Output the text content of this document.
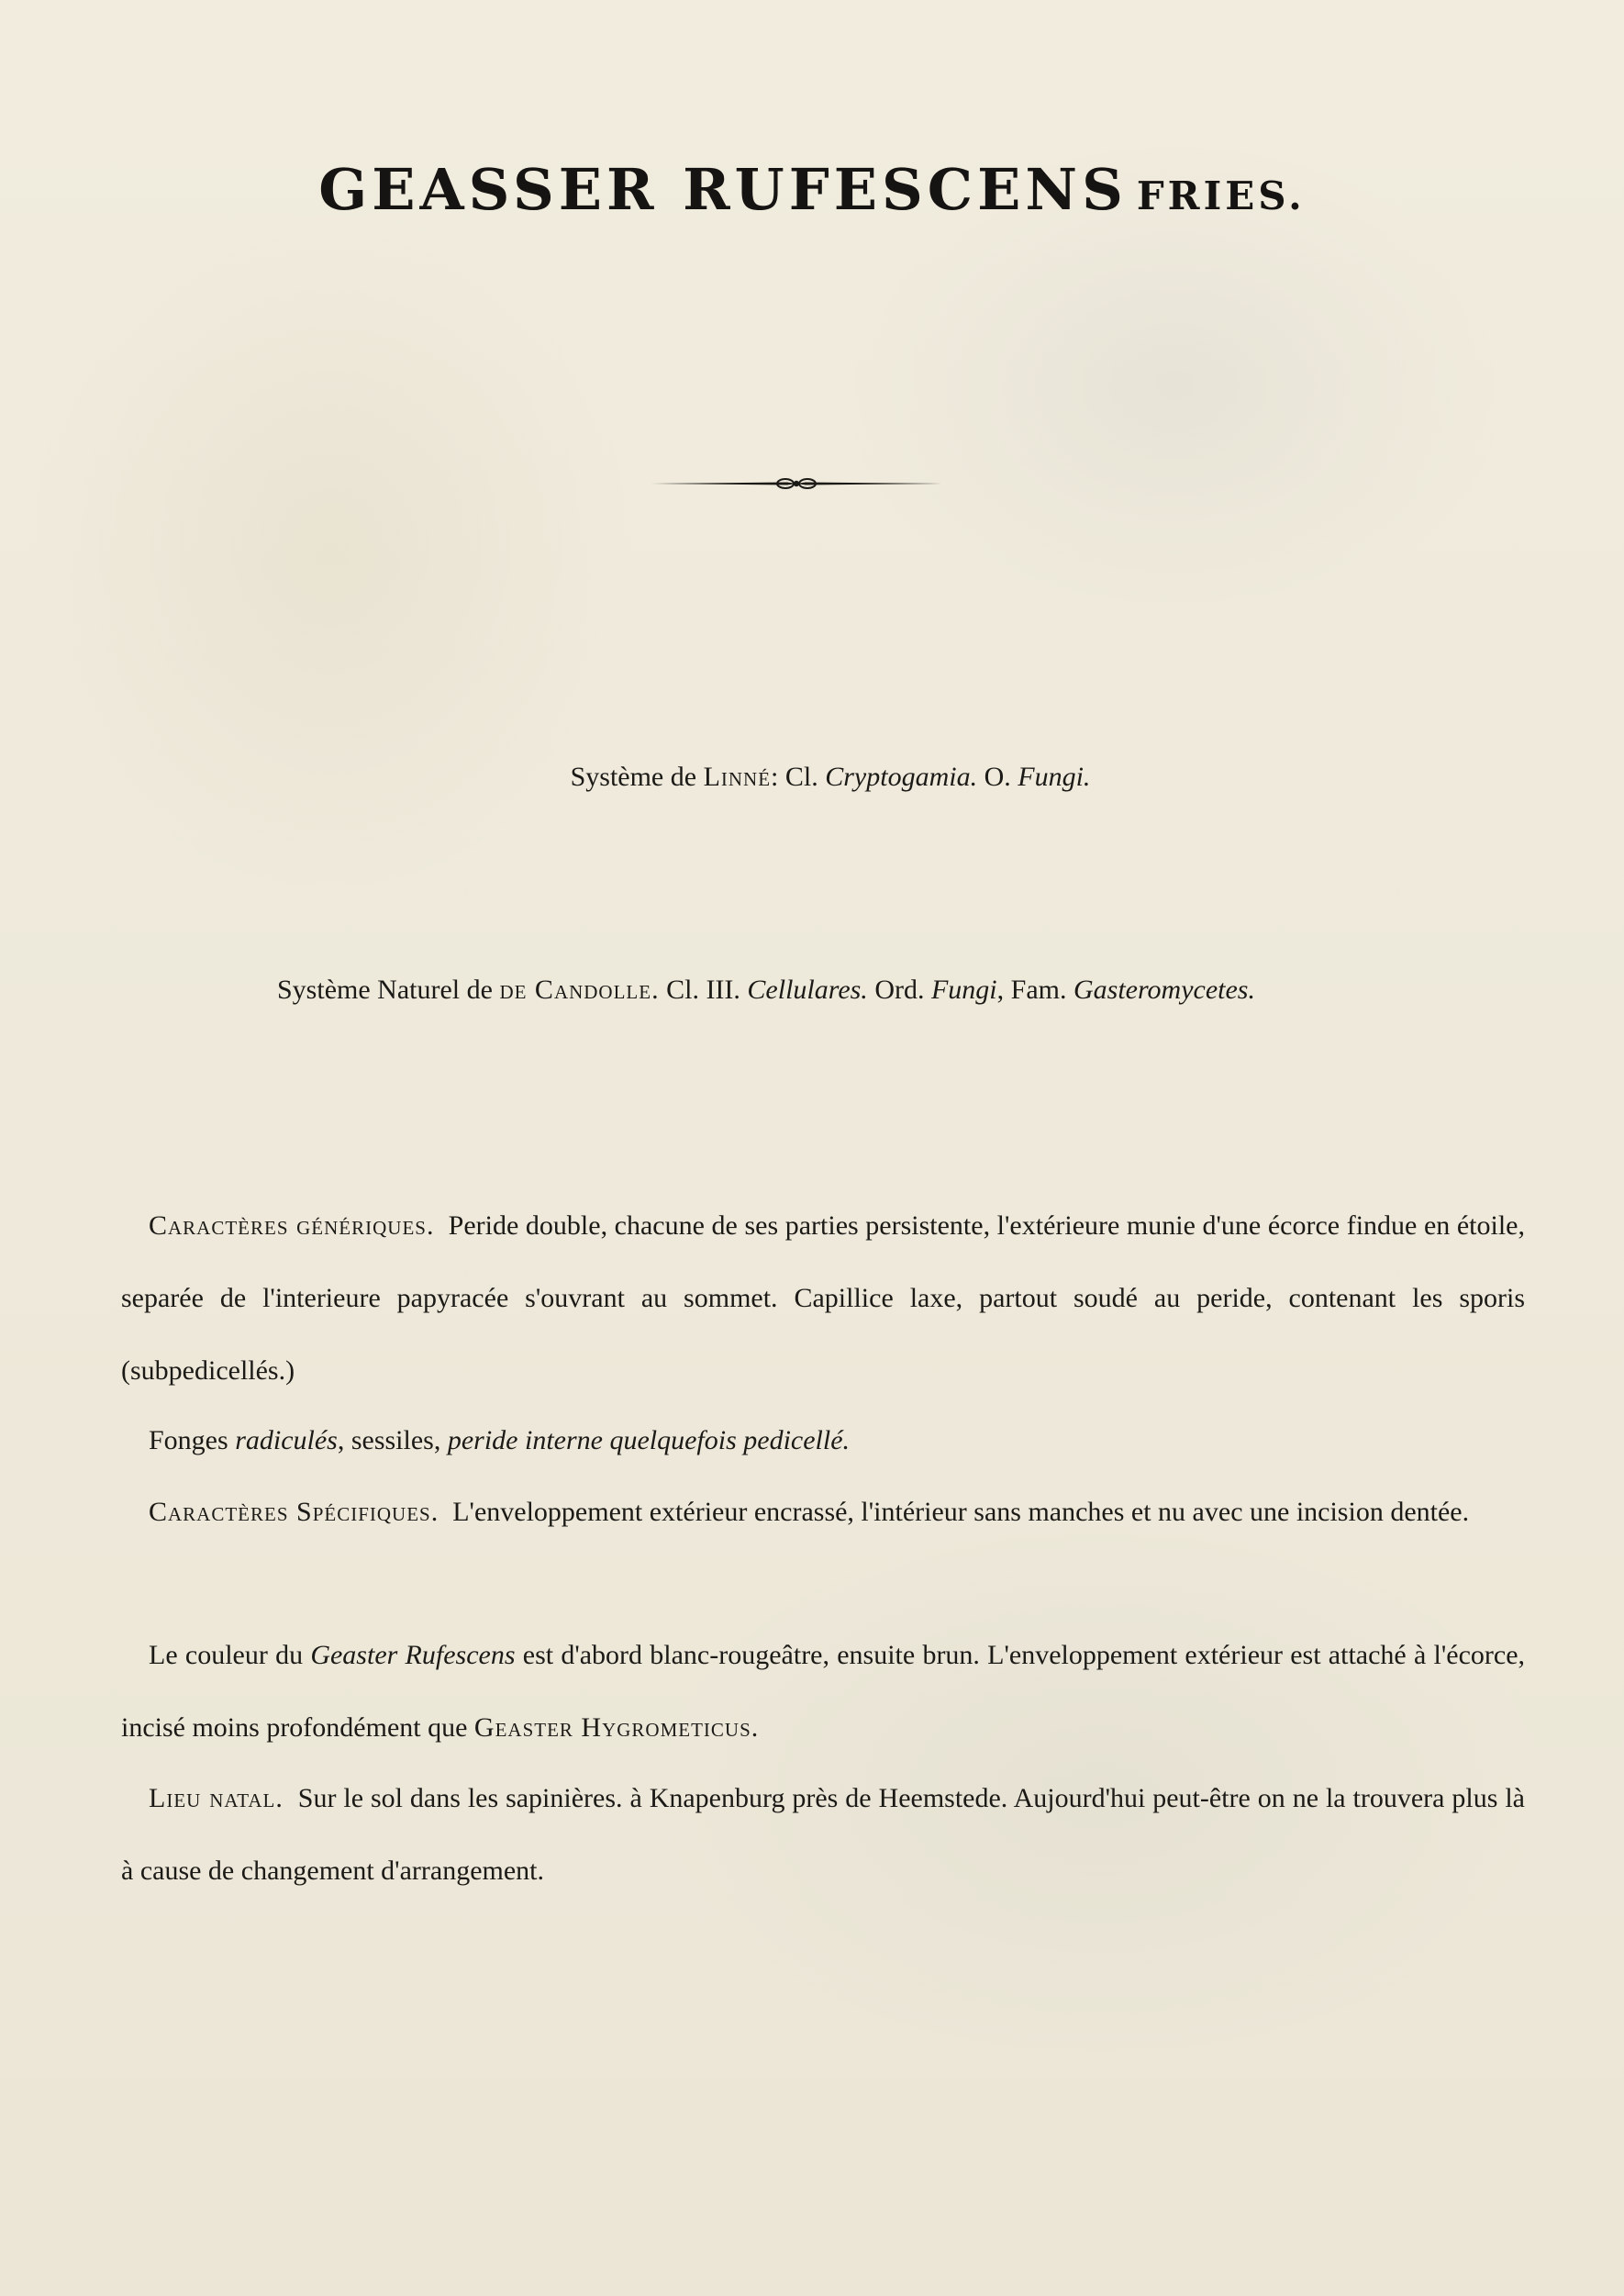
GEASSER RUFESCENS FRIES.
Système de Linné: Cl. Cryptogamia. O. Fungi.
Système Naturel de de Candolle. Cl. III. Cellulares. Ord. Fungi, Fam. Gasteromycetes.

Caractères génériques. Peride double, chacune de ses parties persistente, l'extérieure munie d'une écorce findue en étoile, separée de l'interieure papyracée s'ouvrant au sommet. Capillice laxe, partout soudé au peride, contenant les sporis (subpedicellés.)

Fonges radiculés, sessiles, peride interne quelquefois pedicellé.

Caractères Spécifiques. L'enveloppement extérieur encrassé, l'intérieur sans manches et nu avec une incision dentée.

Le couleur du Geaster Rufescens est d'abord blanc-rougeâtre, ensuite brun. L'enveloppement extérieur est attaché à l'écorce, incisé moins profondément que Geaster Hygrometicus.

Lieu natal. Sur le sol dans les sapinières. à Knapenburg près de Heemstede. Aujourd'hui peut-être on ne la trouvera plus là à cause de changement d'arrangement.
